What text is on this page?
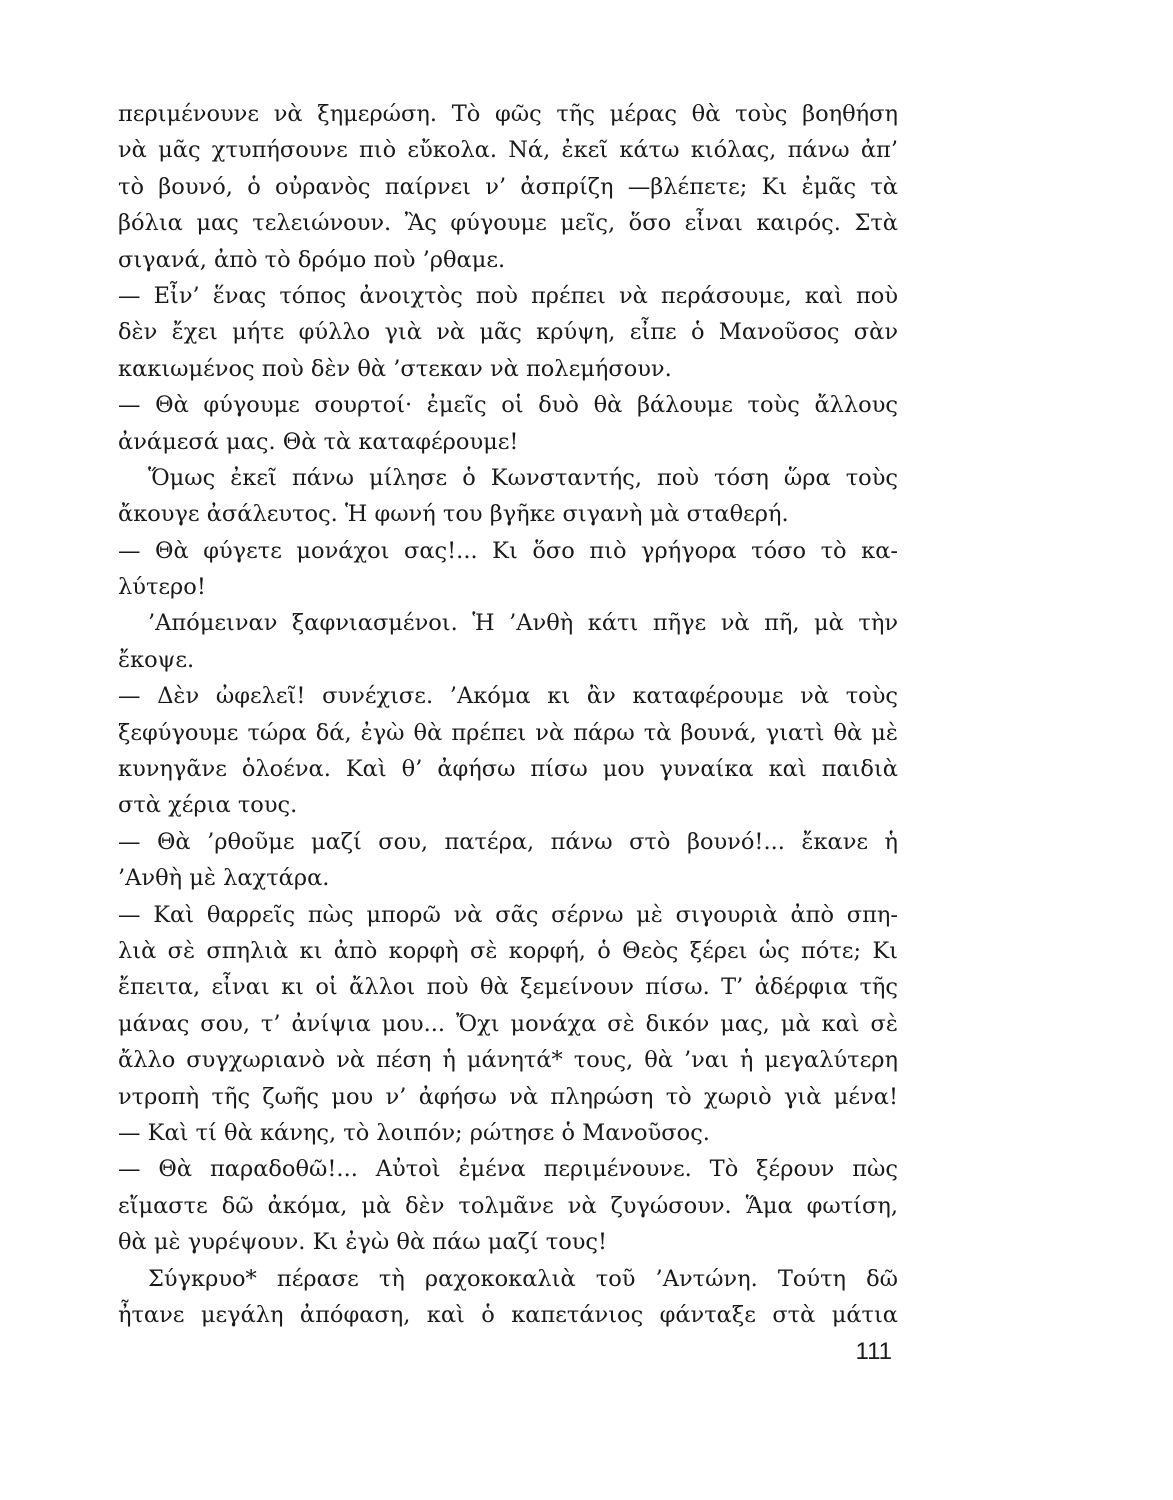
περιμένουνε νὰ ξημερώση. Τὸ φῶς τῆς μέρας θὰ τοὺς βοηθήση
νὰ μᾶς χτυπήσουνε πιὸ εὔκολα. Νά, ἐκεῖ κάτω κιόλας, πάνω ἀπ’
τὸ βουνό, ὁ οὐρανὸς παίρνει ν’ ἀσπρίζη —βλέπετε; Κι ἐμᾶς τὰ
βόλια μας τελειώνουν. Ἂς φύγουμε μεῖς, ὅσο εἶναι καιρός. Στὰ
σιγανά, ἀπὸ τὸ δρόμο ποὺ ’ρθαμε.
— Εἶν’ ἕνας τόπος ἀνοιχτὸς ποὺ πρέπει νὰ περάσουμε, καὶ ποὺ
δὲν ἔχει μήτε φύλλο γιὰ νὰ μᾶς κρύψη, εἶπε ὁ Μανοῦσος σὰν
κακιωμένος ποὺ δὲν θὰ ’στεκαν νὰ πολεμήσουν.
— Θὰ φύγουμε σουρτοί· ἐμεῖς οἱ δυὸ θὰ βάλουμε τοὺς ἄλλους
ἀνάμεσά μας. Θὰ τὰ καταφέρουμε!
Ὅμως ἐκεῖ πάνω μίλησε ὁ Κωνσταντής, ποὺ τόση ὥρα τοὺς
ἄκουγε ἀσάλευτος. Ἡ φωνή του βγῆκε σιγανὴ μὰ σταθερή.
— Θὰ φύγετε μονάχοι σας!... Κι ὅσο πιὸ γρήγορα τόσο τὸ κα-
λύτερο!
’Απόμειναν ξαφνιασμένοι. Ἡ ’Ανθὴ κάτι πῆγε νὰ πῆ, μὰ τὴν
ἔκοψε.
— Δὲν ὠφελεῖ! συνέχισε. ’Ακόμα κι ἂν καταφέρουμε νὰ τοὺς
ξεφύγουμε τώρα δά, ἐγὼ θὰ πρέπει νὰ πάρω τὰ βουνά, γιατὶ θὰ μὲ
κυνηγᾶνε ὁλοένα. Καὶ θ’ ἀφήσω πίσω μου γυναίκα καὶ παιδιὰ
στὰ χέρια τους.
— Θὰ ’ρθοῦμε μαζί σου, πατέρα, πάνω στὸ βουνό!... ἔκανε ἡ
’Ανθὴ μὲ λαχτάρα.
— Καὶ θαρρεῖς πὼς μπορῶ νὰ σᾶς σέρνω μὲ σιγουριὰ ἀπὸ σπη-
λιὰ σὲ σπηλιὰ κι ἀπὸ κορφὴ σὲ κορφή, ὁ Θεὸς ξέρει ὡς πότε; Κι
ἔπειτα, εἶναι κι οἱ ἄλλοι ποὺ θὰ ξεμείνουν πίσω. Τ’ ἀδέρφια τῆς
μάνας σου, τ’ ἀνίψια μου... Ὄχι μονάχα σὲ δικόν μας, μὰ καὶ σὲ
ἄλλο συγχωριανὸ νὰ πέση ἡ μάνητά* τους, θὰ ’ναι ἡ μεγαλύτερη
ντροπὴ τῆς ζωῆς μου ν’ ἀφήσω νὰ πληρώση τὸ χωριὸ γιὰ μένα!
— Καὶ τί θὰ κάνης, τὸ λοιπόν; ρώτησε ὁ Μανοῦσος.
— Θὰ παραδοθῶ!... Αὐτοὶ ἐμένα περιμένουνε. Τὸ ξέρουν πὼς
εἴμαστε δῶ ἀκόμα, μὰ δὲν τολμᾶνε νὰ ζυγώσουν. Ἅμα φωτίση,
θὰ μὲ γυρέψουν. Κι ἐγὼ θὰ πάω μαζί τους!
Σύγκρυο* πέρασε τὴ ραχοκοκαλιὰ τοῦ ’Αντώνη. Τούτη δῶ
ἦτανε μεγάλη ἀπόφαση, καὶ ὁ καπετάνιος φάνταξε στὰ μάτια
111
